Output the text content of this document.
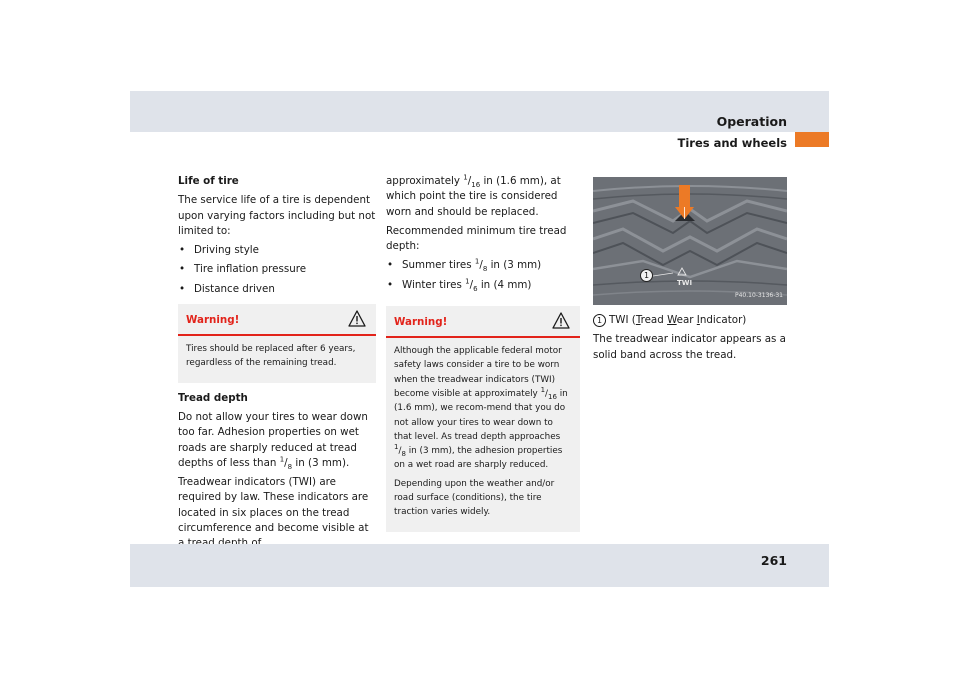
Operation
Tires and wheels

Life of tire

The service life of a tire is dependent upon varying factors including but not limited to:

• Driving style
• Tire inflation pressure
• Distance driven
Warning!

Tires should be replaced after 6 years, regardless of the remaining tread.

Tread depth

Do not allow your tires to wear down too far. Adhesion properties on wet roads are sharply reduced at tread depths of less than $^1/_8$ in (3 mm).

Treadwear indicators (TWI) are required by law. These indicators are located in six places on the tread circumference and become visible at

approximately $^1/_{16}$ in (1.6 mm), at which point the tire is considered worn and should be replaced.

Recommended minimum tire tread depth:

• Summer tires $^1/_8$ in (3 mm)
• Winter tires $^1/_6$ in (4 mm)
Warning!

Although the applicable federal motor safety laws consider a tire to be worn when the treadwear indicators (TWI) become visible at approximately $^1/_{16}$ in (1.6 mm), we recom-mend that you do not allow your tires to wear down to that level. As tread depth approaches $^1/_8$ in (3 mm), the adhesion properties on a wet road are sharply reduced.

Depending upon the weather and/or road surface (conditions), the tire traction varies widely.

1
TWI
P40.10-3136-31

1 TWI (Tread Wear Indicator)

The treadwear indicator appears as a solid band across the tread.

261
